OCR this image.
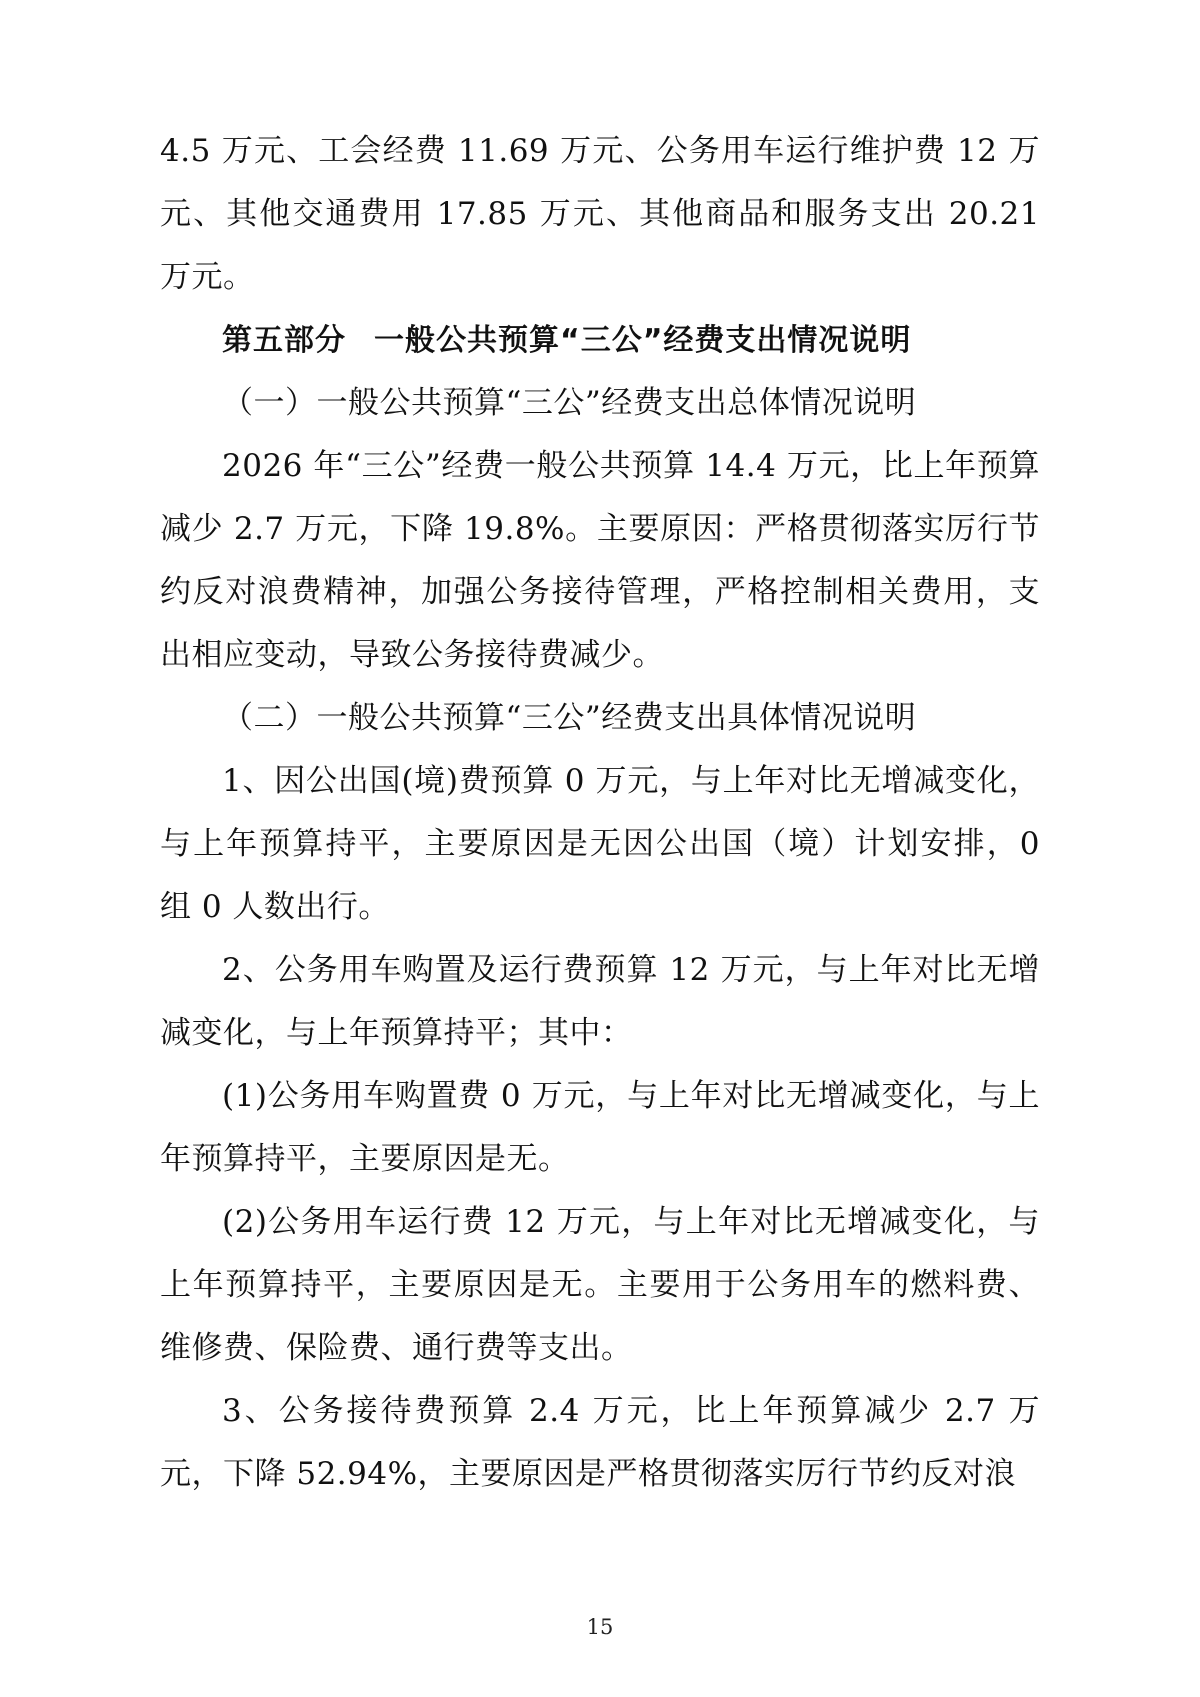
4.5 万元、工会经费 11.69 万元、公务用车运行维护费 12 万元、其他交通费用 17.85 万元、其他商品和服务支出 20.21 万元。

第五部分 一般公共预算“三公”经费支出情况说明

（一）一般公共预算“三公”经费支出总体情况说明

2026 年“三公”经费一般公共预算 14.4 万元，比上年预算减少 2.7 万元，下降 19.8%。主要原因：严格贯彻落实厉行节约反对浪费精神，加强公务接待管理，严格控制相关费用，支出相应变动，导致公务接待费减少。

（二）一般公共预算“三公”经费支出具体情况说明

1、因公出国(境)费预算 0 万元，与上年对比无增减变化，与上年预算持平，主要原因是无因公出国（境）计划安排，0 组 0 人数出行。

2、公务用车购置及运行费预算 12 万元，与上年对比无增减变化，与上年预算持平；其中：

(1)公务用车购置费 0 万元，与上年对比无增减变化，与上年预算持平，主要原因是无。

(2)公务用车运行费 12 万元，与上年对比无增减变化，与上年预算持平，主要原因是无。主要用于公务用车的燃料费、维修费、保险费、通行费等支出。

3、公务接待费预算 2.4 万元，比上年预算减少 2.7 万元，下降 52.94%，主要原因是严格贯彻落实厉行节约反对浪

15
